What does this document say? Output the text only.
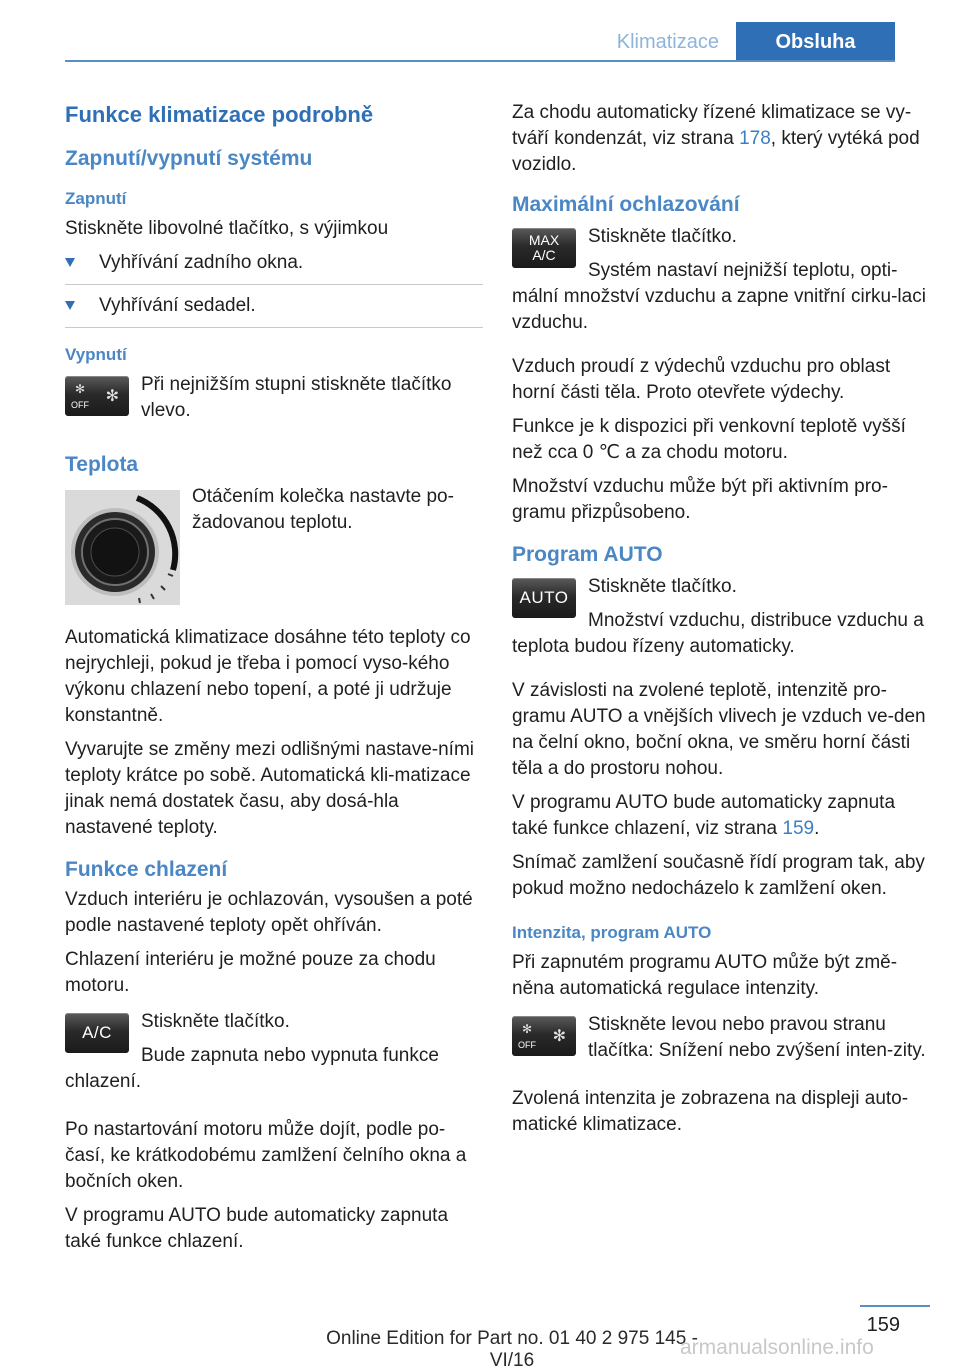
Klimatizace	Obsluha
Funkce klimatizace podrobně
Zapnutí/vypnutí systému
Zapnutí

Stiskněte libovolné tlačítko, s výjimkou

Vyhřívání zadního okna.
Vyhřívání sedadel.
Vypnutí
✻
OFF ✻

Při nejnižším stupni stiskněte tlačítko vlevo.

Teplota

Otáčením kolečka nastavte po-žadovanou teplotu.

Automatická klimatizace dosáhne této teploty co nejrychleji, pokud je třeba i pomocí vyso-kého výkonu chlazení nebo topení, a poté ji udržuje konstantně.

Vyvarujte se změny mezi odlišnými nastave-ními teploty krátce po sobě. Automatická kli-matizace jinak nemá dostatek času, aby dosá-hla nastavené teploty.

Funkce chlazení

Vzduch interiéru je ochlazován, vysoušen a poté podle nastavené teploty opět ohříván.

Chlazení interiéru je možné pouze za chodu motoru.

A/C

Stiskněte tlačítko.

Bude zapnuta nebo vypnuta funkce chlazení.

Po nastartování motoru může dojít, podle po-časí, ke krátkodobému zamlžení čelního okna a bočních oken.

V programu AUTO bude automaticky zapnuta také funkce chlazení.

Za chodu automaticky řízené klimatizace se vy-tváří kondenzát, viz strana 178, který vytéká pod vozidlo.

Maximální ochlazování
MAX
A/C

Stiskněte tlačítko.

Systém nastaví nejnižší teplotu, opti-mální množství vzduchu a zapne vnitřní cirku-laci vzduchu.

Vzduch proudí z výdechů vzduchu pro oblast horní části těla. Proto otevřete výdechy.

Funkce je k dispozici při venkovní teplotě vyšší než cca 0 ℃ a za chodu motoru.

Množství vzduchu může být při aktivním pro-gramu přizpůsobeno.

Program AUTO
AUTO

Stiskněte tlačítko.

Množství vzduchu, distribuce vzduchu a teplota budou řízeny automaticky.

V závislosti na zvolené teplotě, intenzitě pro-gramu AUTO a vnějších vlivech je vzduch ve-den na čelní okno, boční okna, ve směru horní části těla a do prostoru nohou.

V programu AUTO bude automaticky zapnuta také funkce chlazení, viz strana 159.

Snímač zamlžení současně řídí program tak, aby pokud možno nedocházelo k zamlžení oken.

Intenzita, program AUTO

Při zapnutém programu AUTO může být změ-něna automatická regulace intenzity.

✻
OFF ✻

Stiskněte levou nebo pravou stranu tlačítka: Snížení nebo zvýšení inten-zity.

Zvolená intenzita je zobrazena na displeji auto-matické klimatizace.

159
Online Edition for Part no. 01 40 2 975 145 - VI/16
armanualsonline.info
